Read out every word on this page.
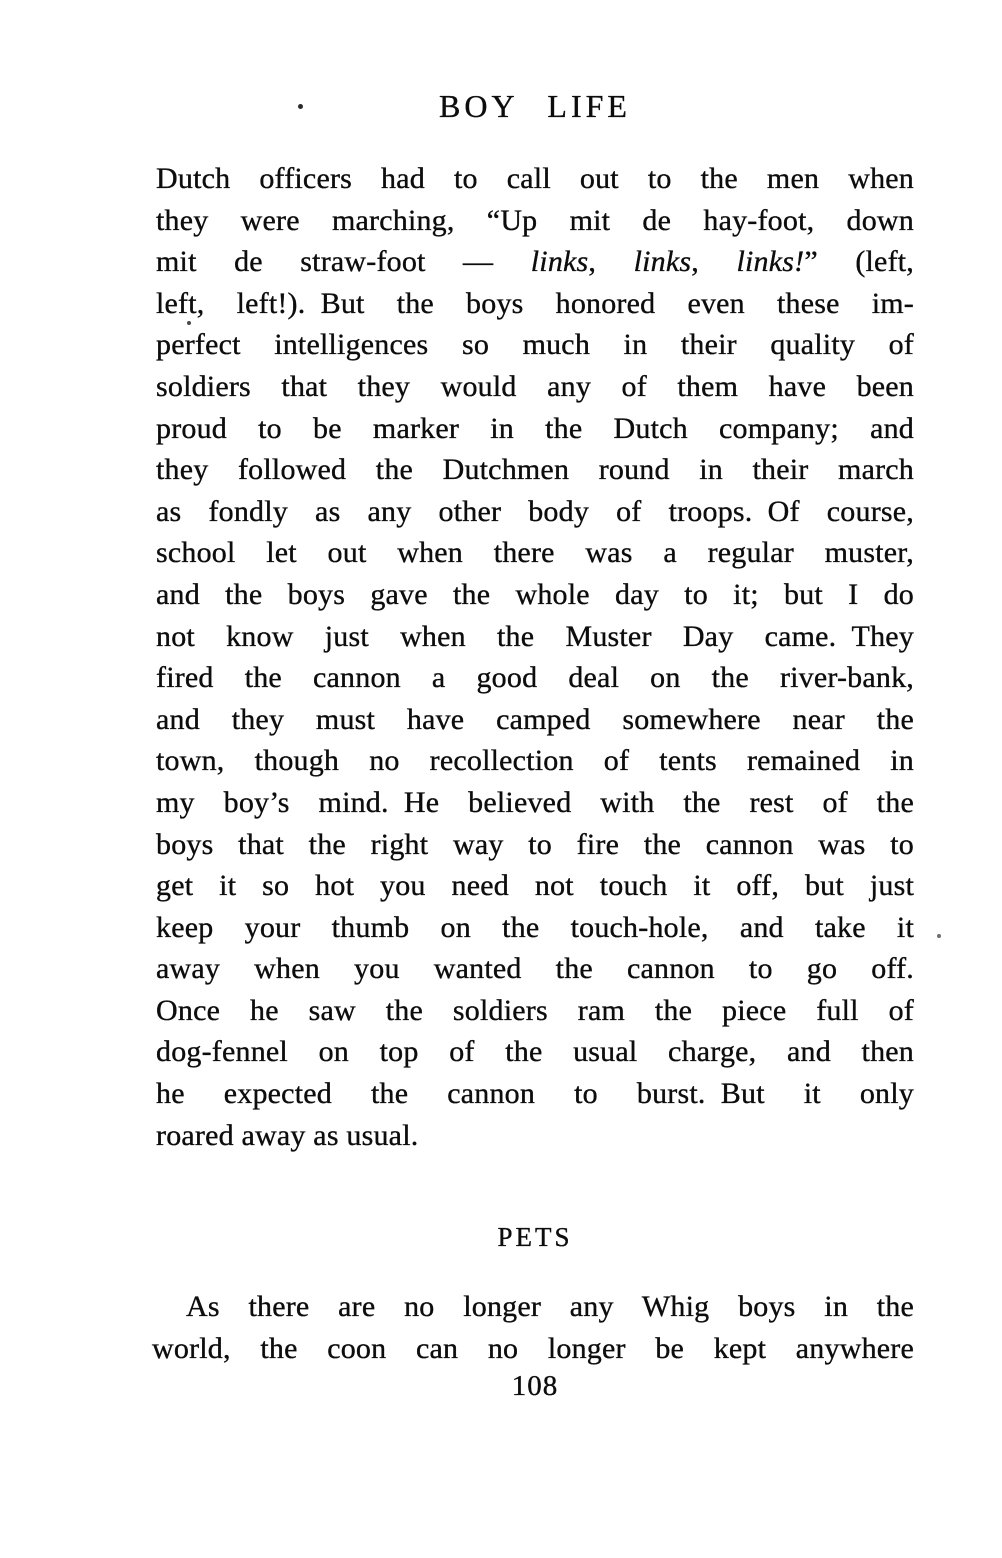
BOY LIFE
Dutch officers had to call out to the men when
they were marching, “Up mit de hay-foot, down
mit de straw-foot — links, links, links!” (left,
left, left!). But the boys honored even these im-
perfect intelligences so much in their quality of
soldiers that they would any of them have been
proud to be marker in the Dutch company; and
they followed the Dutchmen round in their march
as fondly as any other body of troops. Of course,
school let out when there was a regular muster,
and the boys gave the whole day to it; but I do
not know just when the Muster Day came. They
fired the cannon a good deal on the river-bank,
and they must have camped somewhere near the
town, though no recollection of tents remained in
my boy’s mind. He believed with the rest of the
boys that the right way to fire the cannon was to
get it so hot you need not touch it off, but just
keep your thumb on the touch-hole, and take it
away when you wanted the cannon to go off.
Once he saw the soldiers ram the piece full of
dog-fennel on top of the usual charge, and then
he expected the cannon to burst. But it only
roared away as usual.
PETS
As there are no longer any Whig boys in the
world, the coon can no longer be kept anywhere
108
